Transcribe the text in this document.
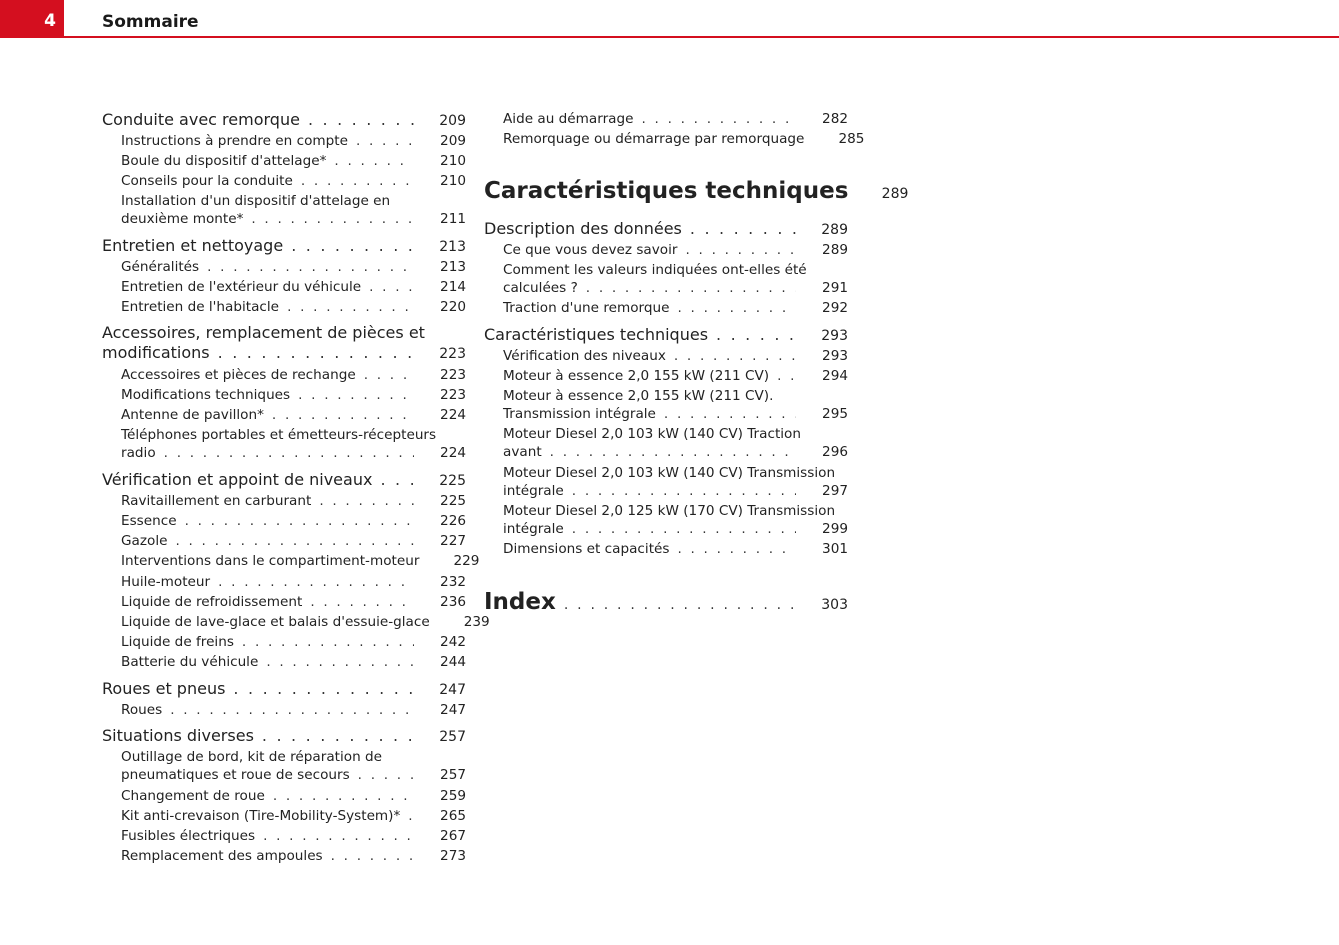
4	Sommaire
Conduite avec remorque . . .	209
Instructions à prendre en compte . . .	209
Boule du dispositif d'attelage* . . .	210
Conseils pour la conduite . . .	210
Installation d'un dispositif d'attelage en
deuxième monte* . . .	211
Entretien et nettoyage . . .	213
Généralités . . .	213
Entretien de l'extérieur du véhicule . . .	214
Entretien de l'habitacle . . .	220
Accessoires, remplacement de pièces et
modifications . . .	223
Accessoires et pièces de rechange . . .	223
Modifications techniques . . .	223
Antenne de pavillon* . . .	224
Téléphones portables et émetteurs-récepteurs
radio . . .	224
Vérification et appoint de niveaux . . .	225
Ravitaillement en carburant . . .	225
Essence . . .	226
Gazole . . .	227
Interventions dans le compartiment-moteur	229
Huile-moteur . . .	232
Liquide de refroidissement . . .	236
Liquide de lave-glace et balais d'essuie-glace	239
Liquide de freins . . .	242
Batterie du véhicule . . .	244
Roues et pneus . . .	247
Roues . . .	247
Situations diverses . . .	257
Outillage de bord, kit de réparation de
pneumatiques et roue de secours . . .	257
Changement de roue . . .	259
Kit anti-crevaison (Tire-Mobility-System)* . . .	265
Fusibles électriques . . .	267
Remplacement des ampoules . . .	273
Aide au démarrage . . .	282
Remorquage ou démarrage par remorquage	285
Caractéristiques techniques	289
Description des données . . .	289
Ce que vous devez savoir . . .	289
Comment les valeurs indiquées ont-elles été
calculées ? . . .	291
Traction d'une remorque . . .	292
Caractéristiques techniques . . .	293
Vérification des niveaux . . .	293
Moteur à essence 2,0 155 kW (211 CV) . . .	294
Moteur à essence 2,0 155 kW (211 CV).
Transmission intégrale . . .	295
Moteur Diesel 2,0 103 kW (140 CV) Traction
avant . . .	296
Moteur Diesel 2,0 103 kW (140 CV) Transmission
intégrale . . .	297
Moteur Diesel 2,0 125 kW (170 CV) Transmission
intégrale . . .	299
Dimensions et capacités . . .	301
Index . . .	303
